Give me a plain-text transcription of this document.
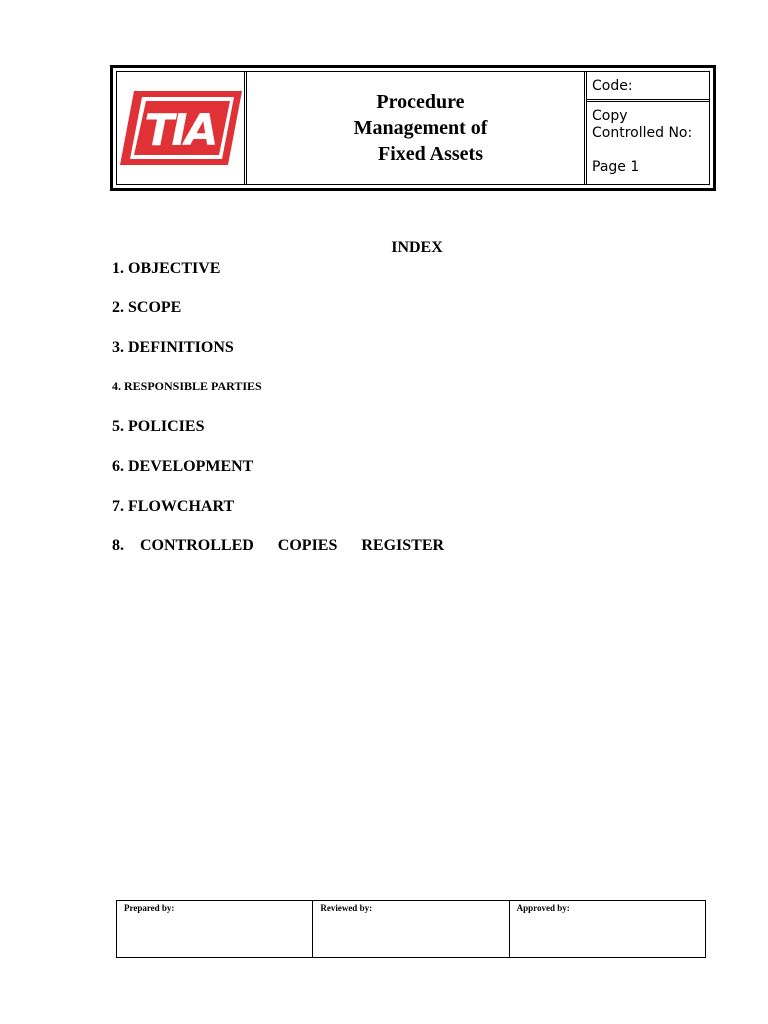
TIA
Procedure
Management of
Fixed Assets
Code:
Copy
Controlled No:
Page 1
INDEX
1. OBJECTIVE
2. SCOPE
3. DEFINITIONS
4. RESPONSIBLE PARTIES
5. POLICIES
6. DEVELOPMENT
7. FLOWCHART
8. CONTROLLED COPIES REGISTER
Prepared by:	Reviewed by:	Approved by:
